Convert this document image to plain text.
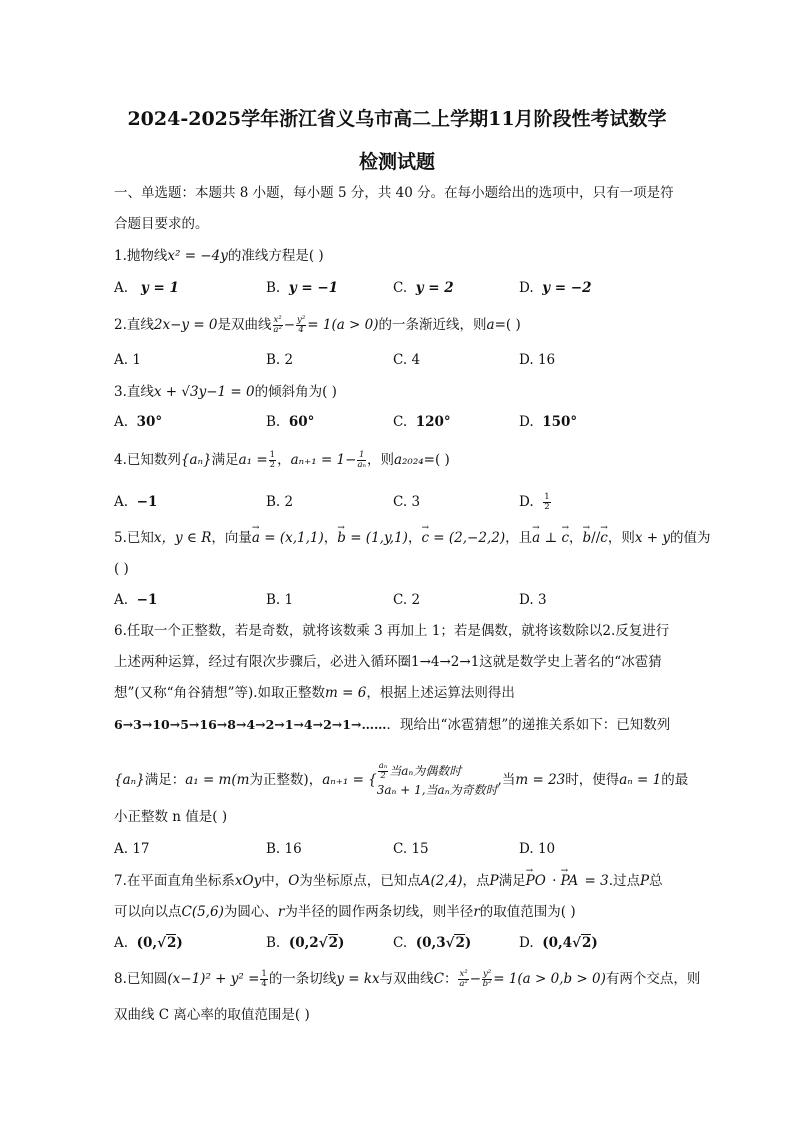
2024-2025学年浙江省义乌市高二上学期11月阶段性考试数学
检测试题
一、单选题：本题共 8 小题，每小题 5 分，共 40 分。在每小题给出的选项中，只有一项是符
合题目要求的。
1.抛物线x² = −4y的准线方程是( )
A. y = 1	B. y = −1	C. y = 2	D. y = −2
2.直线2x−y = 0是双曲线 $\frac{\text{x²}}{\text{a²}} - \frac{\text{y²}}{4} = 1(a > 0)$的一条渐近线，则a=( )
A. 1	B. 2	C. 4	D. 16
3.直线x + √3y−1 = 0的倾斜角为( )
A. 30°	B. 60°	C. 120°	D. 150°
4.已知数列{aₙ}满足$a_1 = \frac{1}{2}$ ，$a_{n+1} = 1- \frac{1}{\text{aₙ}}$ ，则a₂₀₂₄=( )
A. −1	B. 2	C. 3	D. $\frac{1}{2}$
5.已知x，y ∈ R，向量→ a = (x,1,1)，→ b = (1,y,1)，→ c = (2,−2,2)，且→ a ⊥ → c，→ b//→ c，则x + y的值为
( )
A. −1	B. 1	C. 2	D. 3
6.任取一个正整数，若是奇数，就将该数乘 3 再加上 1；若是偶数，就将该数除以2.反复进行
上述两种运算，经过有限次步骤后，必进入循环圈1→4→2→1这就是数学史上著名的“冰雹猜
想”(又称“角谷猜想”等).如取正整数m = 6，根据上述运算法则得出
6→3→10→5→16→8→4→2→1→4→2→1→……．现给出“冰雹猜想”的递推关系如下：已知数列
{aₙ}满足：a₁ = m(m为正整数)，aₙ₊₁ = { $\frac{\text{aₙ}}{2}$ 当aₙ为偶数时
3aₙ + 1,当aₙ为奇数时
,当m = 23时，使得aₙ = 1的最
小正整数 n 值是( )
A. 17	B. 16	C. 15	D. 10
7.在平面直角坐标系xOy中，O为坐标原点，已知点A(2,4)，点P满足→ PO · → PA = 3.过点P总
可以向以点C(5,6)为圆心、r为半径的圆作两条切线，则半径r的取值范围为( )
A. (0,√2)	B. (0,2√2)	C. (0,3√2)	D. (0,4√2)
8.已知圆$(x-1)^2 + y^2 = \frac{1}{4}$ 的一条切线y = kx与双曲线C： $\frac{\text{x²}}{\text{a²}} - \frac{\text{y²}}{\text{b²}} = 1(a > 0,b > 0)$有两个交点，则
双曲线 C 离心率的取值范围是( )
